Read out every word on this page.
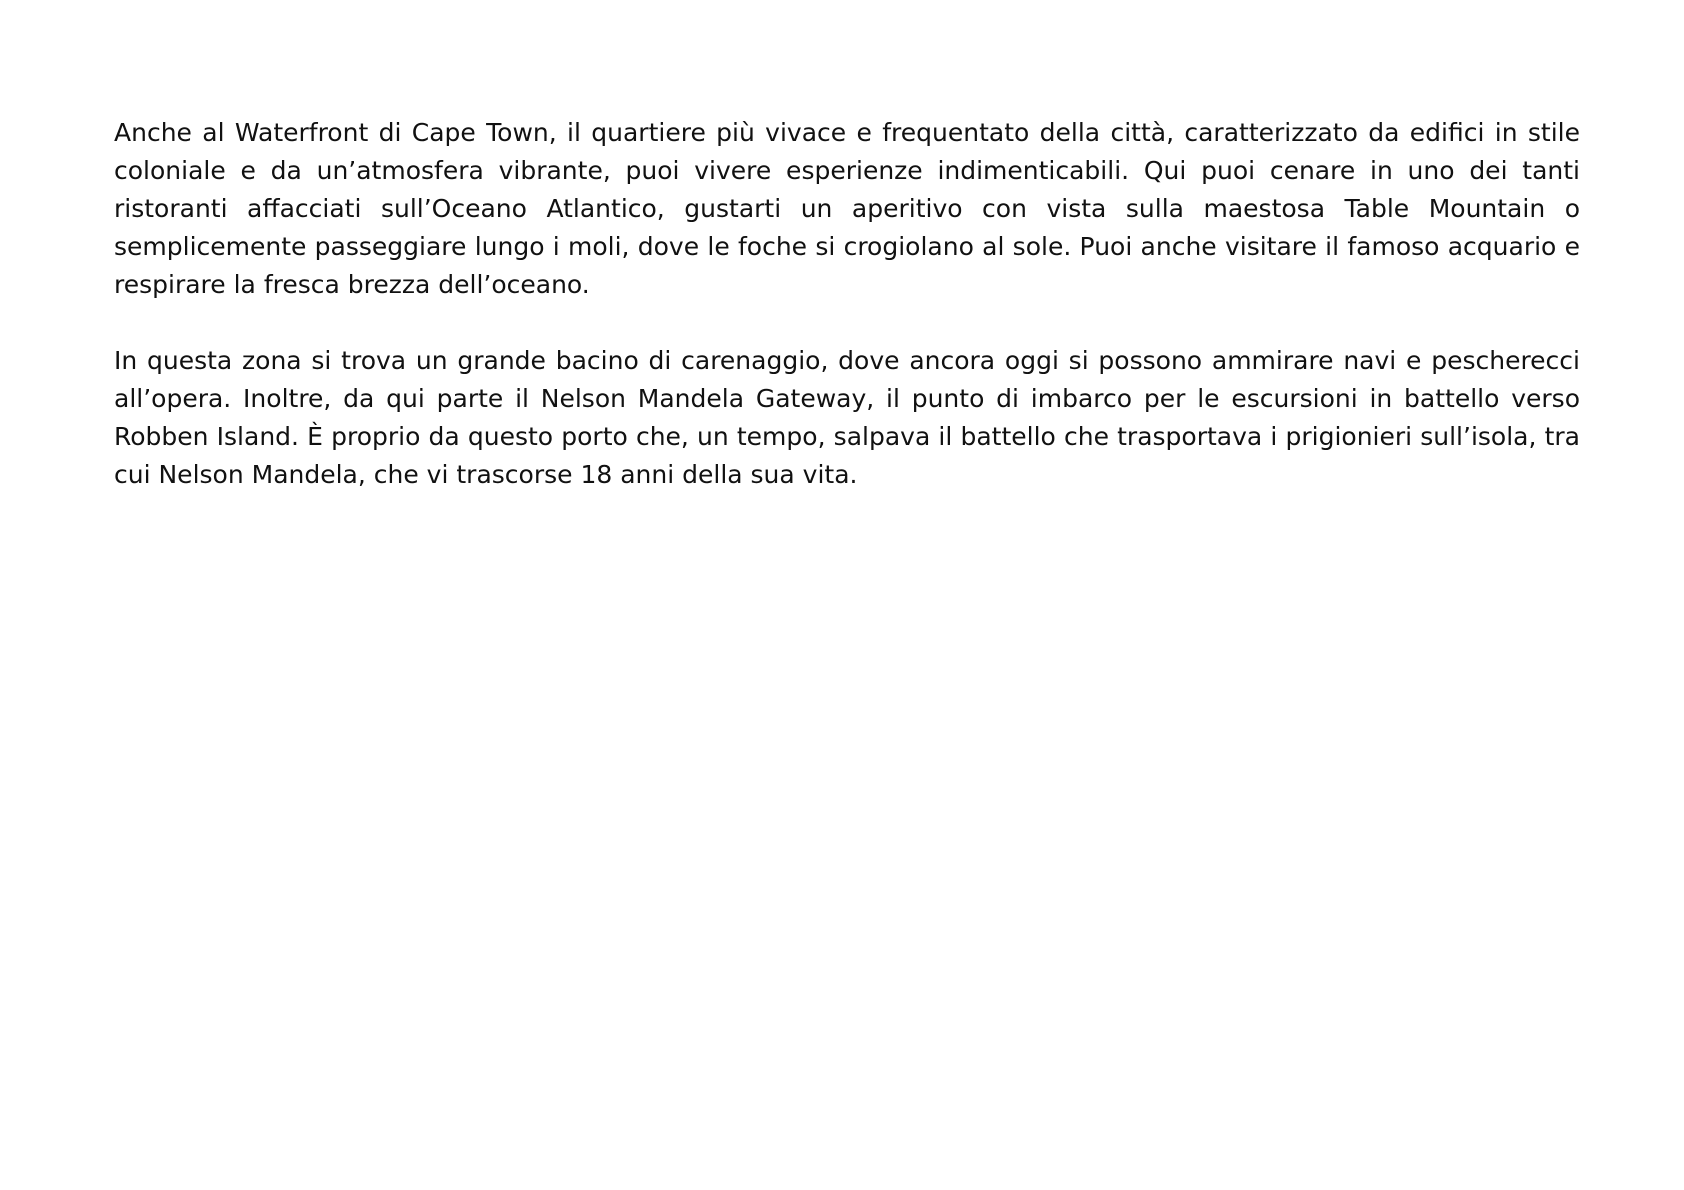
Anche al Waterfront di Cape Town, il quartiere più vivace e frequentato della città, caratterizzato da edifici in stile coloniale e da un’atmosfera vibrante, puoi vivere esperienze indimenticabili. Qui puoi cenare in uno dei tanti ristoranti affacciati sull’Oceano Atlantico, gustarti un aperitivo con vista sulla maestosa Table Mountain o semplicemente passeggiare lungo i moli, dove le foche si crogiolano al sole. Puoi anche visitare il famoso acquario e respirare la fresca brezza dell’oceano.

In questa zona si trova un grande bacino di carenaggio, dove ancora oggi si possono ammirare navi e pescherecci all’opera. Inoltre, da qui parte il Nelson Mandela Gateway, il punto di imbarco per le escursioni in battello verso Robben Island. È proprio da questo porto che, un tempo, salpava il battello che trasportava i prigionieri sull’isola, tra cui Nelson Mandela, che vi trascorse 18 anni della sua vita.
